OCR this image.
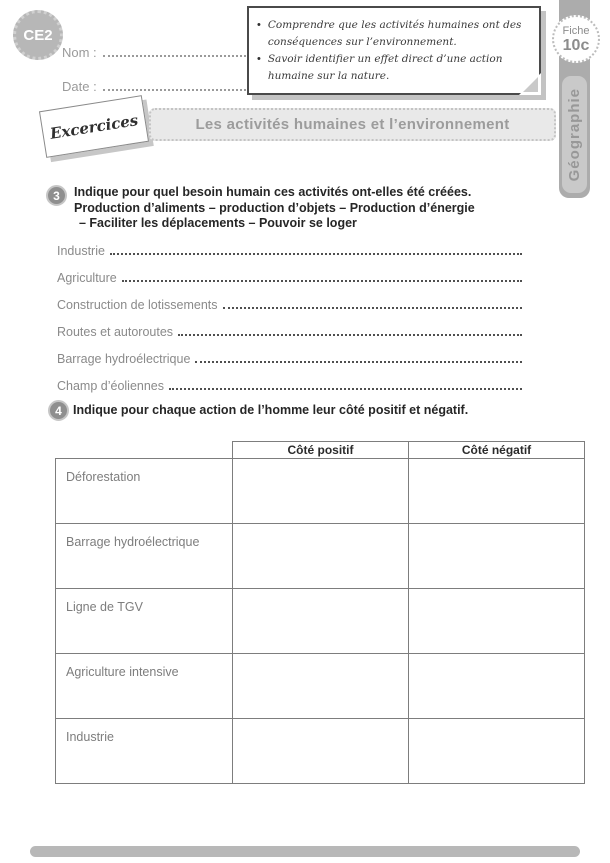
CE2
Nom :
Date :
•
Comprendre que les activités humaines ont des conséquences sur l’environnement.
•
Savoir identifier un effet direct d’une action humaine sur la nature.
Géographie
Fiche
10c
Excercices	Les activités humaines et l’environnement
3 Indique pour quel besoin humain ces activités ont-elles été créées.
Production d’aliments – production d’objets – Production d’énergie
– Faciliter les déplacements – Pouvoir se loger
Industrie
Agriculture
Construction de lotissements
Routes et autoroutes
Barrage hydroélectrique
Champ d’éoliennes
4 Indique pour chaque action de l’homme leur côté positif et négatif.
	Côté positif	Côté négatif
Déforestation		
Barrage hydroélectrique		
Ligne de TGV		
Agriculture intensive		
Industrie		
